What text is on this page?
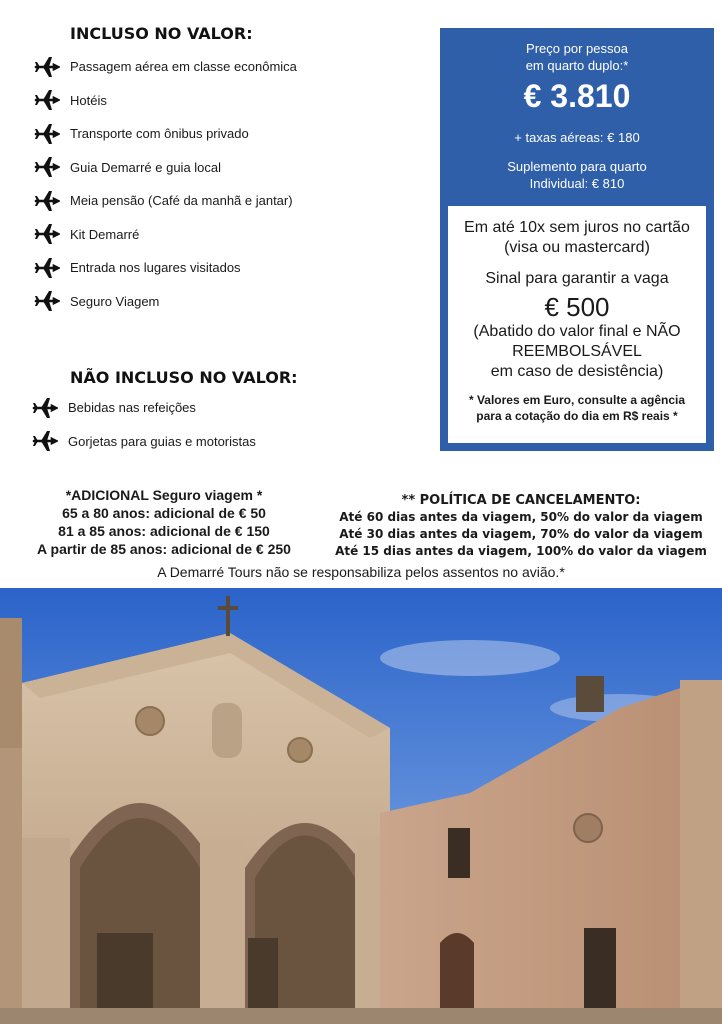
INCLUSO NO VALOR:
Passagem aérea em classe econômica
Hotéis
Transporte com ônibus privado
Guia Demarré e guia local
Meia pensão (Café da manhã e jantar)
Kit Demarré
Entrada nos lugares visitados
Seguro Viagem
NÃO INCLUSO NO VALOR:
Bebidas nas refeições
Gorjetas para guias e motoristas
Preço por pessoa
em quarto duplo:*
€ 3.810
+ taxas aéreas: € 180
Suplemento para quarto
Individual: € 810
Em até 10x sem juros no cartão
(visa ou mastercard)
Sinal para garantir a vaga
€ 500
(Abatido do valor final e NÃO
REEMBOLSÁVEL
em caso de desistência)
* Valores em Euro, consulte a agência
para a cotação do dia em R$ reais *
*ADICIONAL Seguro viagem *
65 a 80 anos: adicional de € 50
81 a 85 anos: adicional de € 150
A partir de 85 anos: adicional de € 250
** POLÍTICA DE CANCELAMENTO:
Até 60 dias antes da viagem, 50% do valor da viagem
Até 30 dias antes da viagem, 70% do valor da viagem
Até 15 dias antes da viagem, 100% do valor da viagem
A Demarré Tours não se responsabiliza pelos assentos no avião.*
